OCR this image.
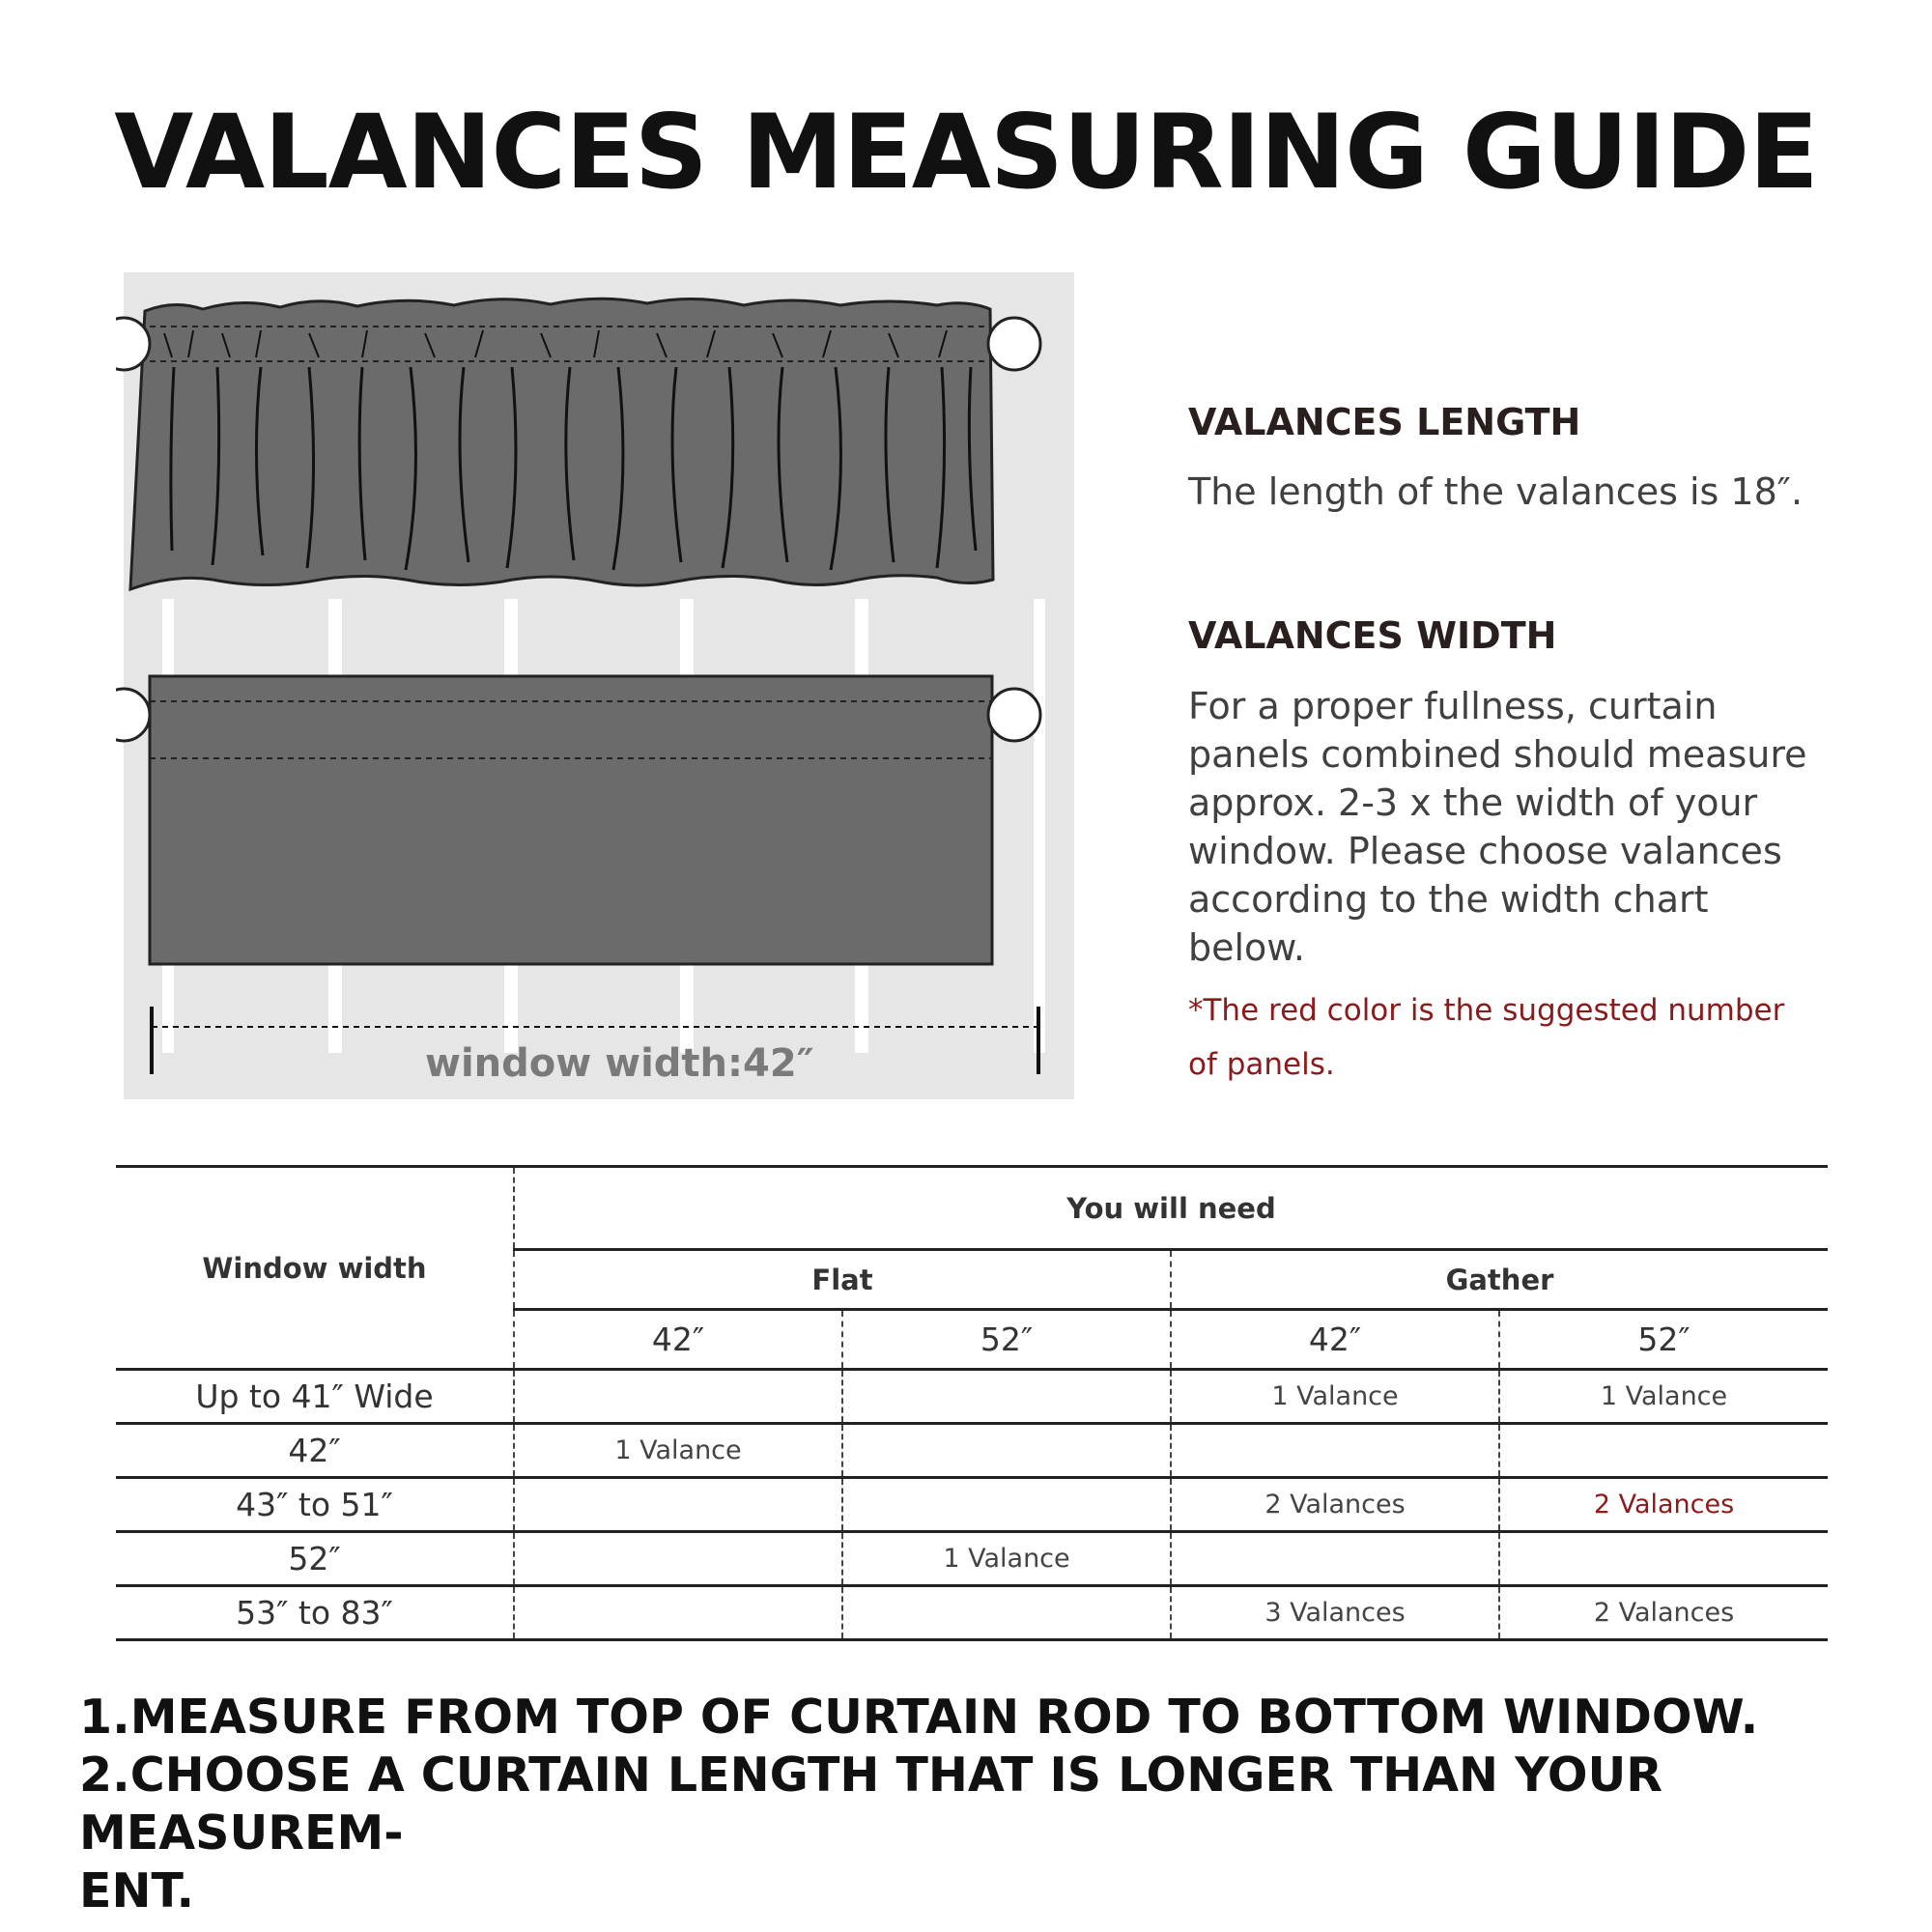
VALANCES MEASURING GUIDE
window width:42″
VALANCES LENGTH

The length of the valances is 18″.

VALANCES WIDTH
For a proper fullness, curtain
panels combined should measure
approx. 2-3 x the width of your
window. Please choose valances
according to the width chart
below.

*The red color is the suggested number of panels.

Window width	You will need			
	Flat		Gather	
	42″	52″	42″	52″
Up to 41″ Wide			1 Valance	1 Valance
42″	1 Valance			
43″ to 51″			2 Valances	2 Valances
52″		1 Valance		
53″ to 83″			3 Valances	2 Valances
1.MEASURE FROM TOP OF CURTAIN ROD TO BOTTOM WINDOW.
2.CHOOSE A CURTAIN LENGTH THAT IS LONGER THAN YOUR MEASUREM-
ENT.
